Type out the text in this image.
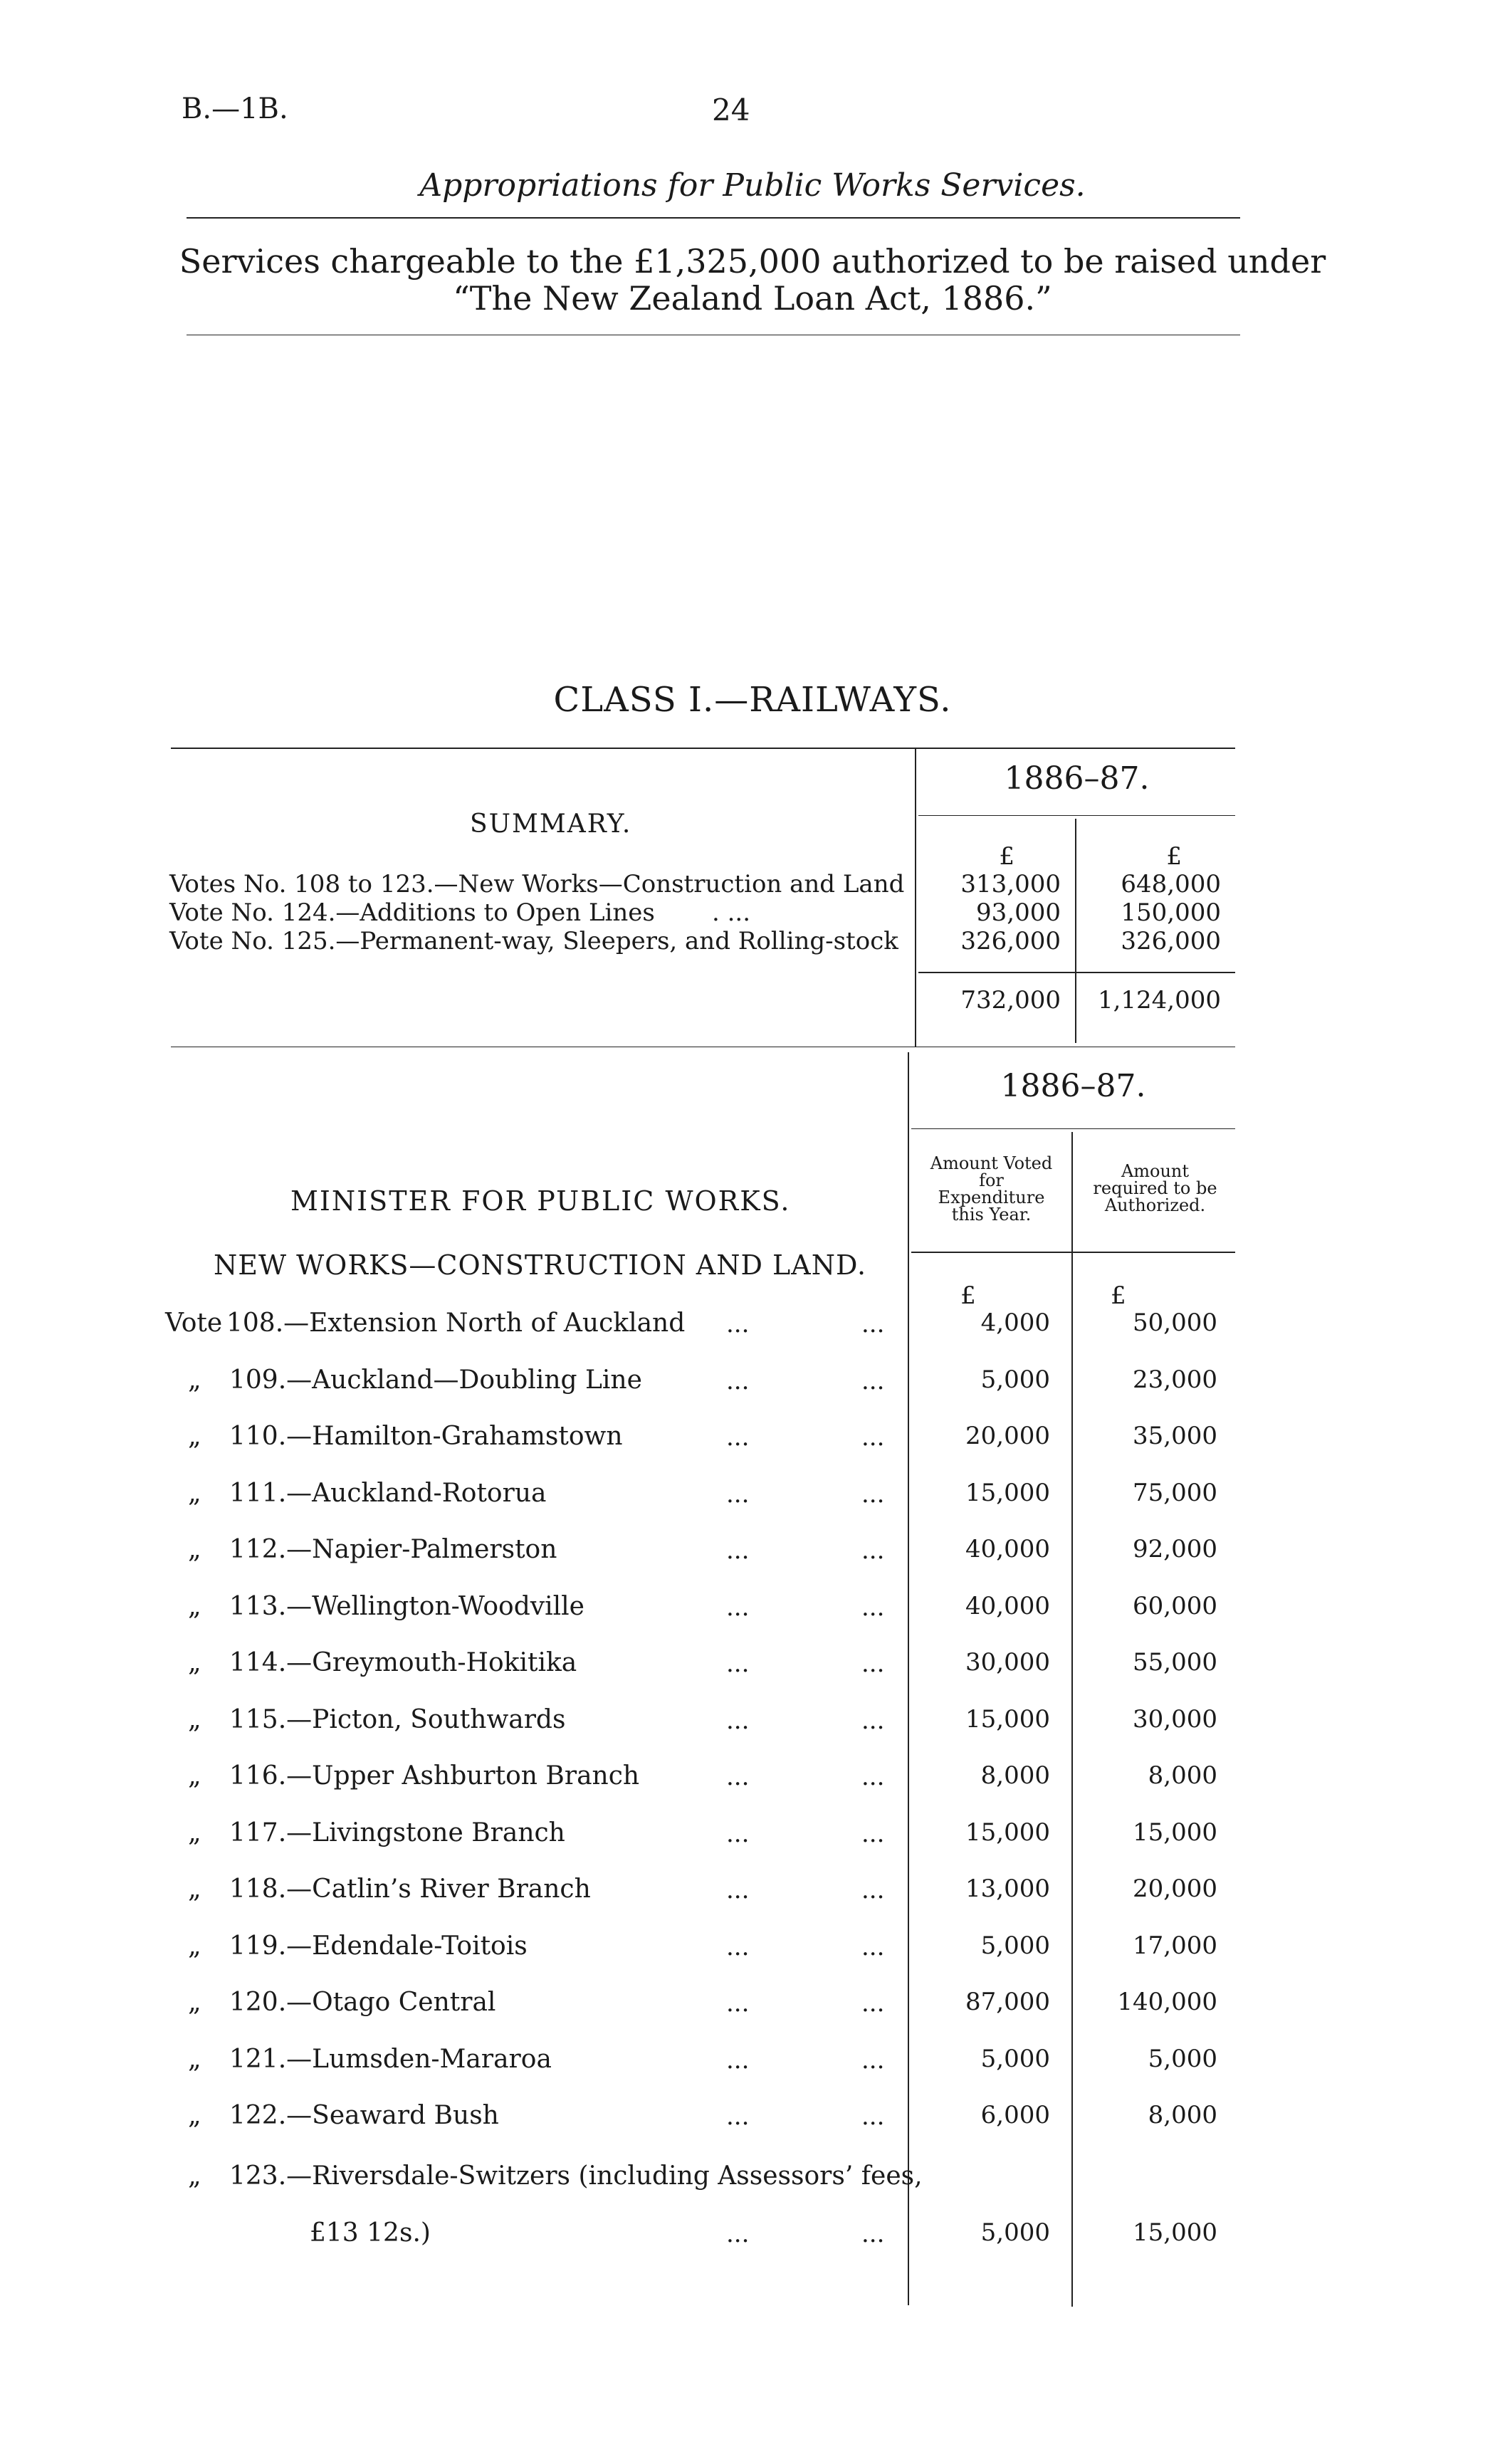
B.—1B.	24
Appropriations for Public Works Services.
Services chargeable to the £1,325,000 authorized to be raised under
“The New Zealand Loan Act, 1886.”
CLASS I.—RAILWAYS.
1886–87.
SUMMARY.
£	£
Votes No. 108 to 123.—New Works—Construction and Land	313,000	648,000
Vote No. 124.—Additions to Open Lines . ...	93,000	150,000
Vote No. 125.—Permanent-way, Sleepers, and Rolling-stock	326,000	326,000
732,000	1,124,000
1886–87.
Amount Voted
for
Expenditure
this Year.
Amount
required to be
Authorized.
MINISTER FOR PUBLIC WORKS.
NEW WORKS—CONSTRUCTION AND LAND.
£	£
Vote 108.—Extension North of Auckland ...	...	4,000	50,000
„ 109.—Auckland—Doubling Line	...	...	5,000	23,000
„ 110.—Hamilton-Grahamstown	...	...	20,000	35,000
„ 111.—Auckland-Rotorua	...	...	15,000	75,000
„ 112.—Napier-Palmerston	...	...	40,000	92,000
„ 113.—Wellington-Woodville	...	...	40,000	60,000
„ 114.—Greymouth-Hokitika	...	...	30,000	55,000
„ 115.—Picton, Southwards	...	...	15,000	30,000
„ 116.—Upper Ashburton Branch	...	...	8,000	8,000
„ 117.—Livingstone Branch	...	...	15,000	15,000
„ 118.—Catlin’s River Branch	...	...	13,000	20,000
„ 119.—Edendale-Toitois	...	...	5,000	17,000
„ 120.—Otago Central	...	...	87,000	140,000
„ 121.—Lumsden-Mararoa	...	...	5,000	5,000
„ 122.—Seaward Bush	...	...	6,000	8,000
„ 123.—Riversdale-Switzers (including Assessors’ fees,
£13 12s.)	...	...	5,000	15,000
